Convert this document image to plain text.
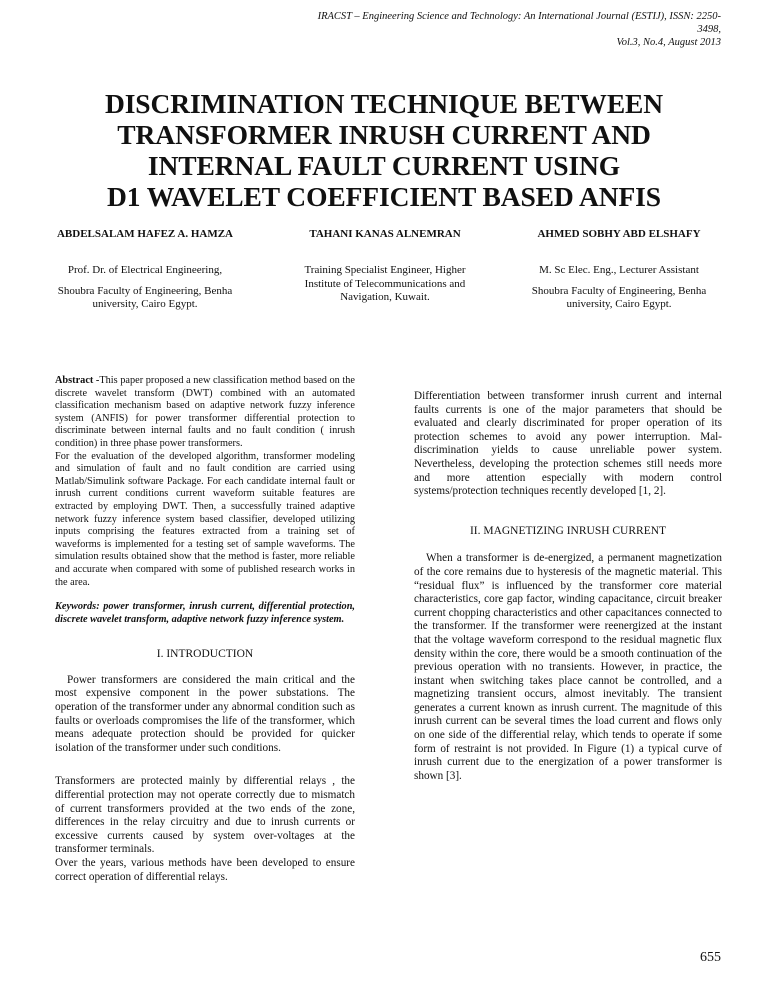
IRACST – Engineering Science and Technology: An International Journal (ESTIJ), ISSN: 2250-3498,
Vol.3, No.4, August 2013
DISCRIMINATION TECHNIQUE BETWEEN
TRANSFORMER INRUSH CURRENT AND
INTERNAL FAULT CURRENT USING
D1 WAVELET COEFFICIENT BASED ANFIS
ABDELSALAM HAFEZ A. HAMZA

Prof. Dr. of Electrical Engineering,

Shoubra Faculty of Engineering, Benha university, Cairo Egypt.

TAHANI KANAS ALNEMRAN

Training Specialist Engineer, Higher Institute of Telecommunications and Navigation, Kuwait.

AHMED SOBHY ABD ELSHAFY

M. Sc Elec. Eng., Lecturer Assistant

Shoubra Faculty of Engineering, Benha university, Cairo Egypt.

Abstract -This paper proposed a new classification method based on the discrete wavelet transform (DWT) combined with an automated classification mechanism based on adaptive network fuzzy inference system (ANFIS) for power transformer differential protection to discriminate between internal faults and no fault condition ( inrush condition) in three phase power transformers.

For the evaluation of the developed algorithm, transformer modeling and simulation of fault and no fault condition are carried using Matlab/Simulink software Package. For each candidate internal fault or inrush current conditions current waveform suitable features are extracted by employing DWT. Then, a successfully trained adaptive network fuzzy inference system based classifier, developed utilizing inputs comprising the features extracted from a training set of waveforms is implemented for a testing set of sample waveforms. The simulation results obtained show that the method is faster, more reliable and accurate when compared with some of published research works in the area.

Keywords: power transformer, inrush current, differential protection, discrete wavelet transform, adaptive network fuzzy inference system.
I. INTRODUCTION

Power transformers are considered the main critical and the most expensive component in the power substations. The operation of the transformer under any abnormal condition such as faults or overloads compromises the life of the transformer, which means adequate protection should be provided for quicker isolation of the transformer under such conditions.

Transformers are protected mainly by differential relays , the differential protection may not operate correctly due to mismatch of current transformers provided at the two ends of the zone, differences in the relay circuitry and due to inrush currents or excessive currents caused by system over-voltages at the transformer terminals.

Over the years, various methods have been developed to ensure correct operation of differential relays.

Differentiation between transformer inrush current and internal faults currents is one of the major parameters that should be evaluated and clearly discriminated for proper operation of its protection schemes to avoid any power interruption. Mal-discrimination yields to cause unreliable power system. Nevertheless, developing the protection schemes still needs more and more attention especially with modern control systems/protection techniques recently developed [1, 2].

II. MAGNETIZING INRUSH CURRENT

When a transformer is de-energized, a permanent magnetization of the core remains due to hysteresis of the magnetic material. This “residual flux” is influenced by the transformer core material characteristics, core gap factor, winding capacitance, circuit breaker current chopping characteristics and other capacitances connected to the transformer. If the transformer were reenergized at the instant that the voltage waveform correspond to the residual magnetic flux density within the core, there would be a smooth continuation of the previous operation with no transients. However, in practice, the instant when switching takes place cannot be controlled, and a magnetizing transient occurs, almost inevitably. The transient generates a current known as inrush current. The magnitude of this inrush current can be several times the load current and flows only on one side of the differential relay, which tends to operate if some form of restraint is not provided. In Figure (1) a typical curve of inrush current due to the energization of a power transformer is shown [3].

655
